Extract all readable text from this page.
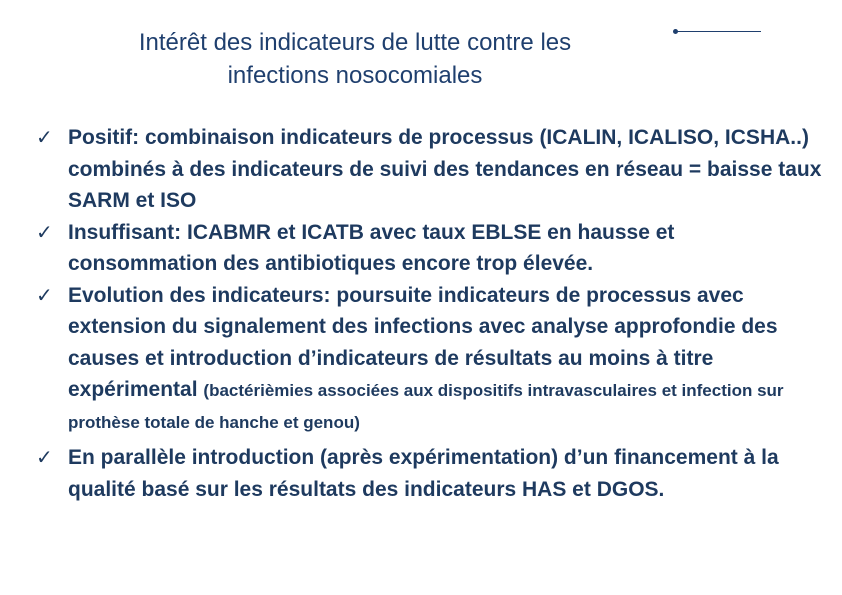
Intérêt des indicateurs de lutte contre les
infections nosocomiales
✓ Positif: combinaison indicateurs de processus (ICALIN, ICALISO, ICSHA..) combinés à des indicateurs de suivi des tendances en réseau = baisse taux SARM et ISO
✓ Insuffisant: ICABMR et ICATB avec taux EBLSE en hausse et consommation des antibiotiques encore trop élevée.
✓ Evolution des indicateurs: poursuite indicateurs de processus avec extension du signalement des infections avec analyse approfondie des causes et introduction d’indicateurs de résultats au moins à titre expérimental (bactérièmies associées aux dispositifs intravasculaires et infection sur prothèse totale de hanche et genou)
✓ En parallèle introduction (après expérimentation) d’un financement à la qualité basé sur les résultats des indicateurs HAS et DGOS.
